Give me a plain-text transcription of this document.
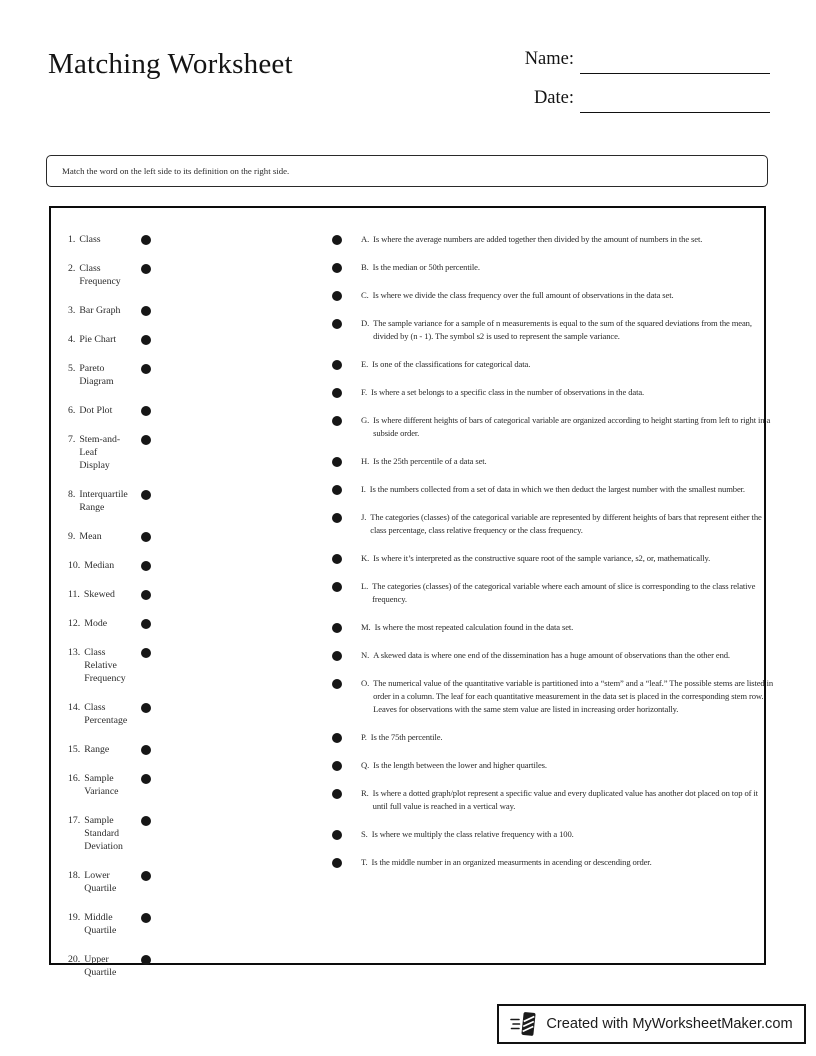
Matching Worksheet	Name:
Date:
Match the word on the left side to its definition on the right side.
1. Class
2. Class Frequency
3. Bar Graph
4. Pie Chart
5. Pareto Diagram
6. Dot Plot
7. Stem-and-Leaf Display
8. Interquartile Range
9. Mean
10. Median
11. Skewed
12. Mode
13. Class Relative Frequency
14. Class Percentage
15. Range
16. Sample Variance
17. Sample Standard Deviation
18. Lower Quartile
19. Middle Quartile
20. Upper Quartile
A. Is where the average numbers are added together then divided by the amount of numbers in the set.
B. Is the median or 50th percentile.
C. Is where we divide the class frequency over the full amount of observations in the data set.
D. The sample variance for a sample of n measurements is equal to the sum of the squared deviations from the mean, divided by (n - 1). The symbol s2 is used to represent the sample variance.
E. Is one of the classifications for categorical data.
F. Is where a set belongs to a specific class in the number of observations in the data.
G. Is where different heights of bars of categorical variable are organized according to height starting from left to right in a subside order.
H. Is the 25th percentile of a data set.
I. Is the numbers collected from a set of data in which we then deduct the largest number with the smallest number.
J. The categories (classes) of the categorical variable are represented by different heights of bars that represent either the class percentage, class relative frequency or the class frequency.
K. Is where it’s interpreted as the constructive square root of the sample variance, s2, or, mathematically.
L. The categories (classes) of the categorical variable where each amount of slice is corresponding to the class relative frequency.
M. Is where the most repeated calculation found in the data set.
N. A skewed data is where one end of the dissemination has a huge amount of observations than the other end.
O. The numerical value of the quantitative variable is partitioned into a “stem” and a “leaf.” The possible stems are listed in order in a column. The leaf for each quantitative measurement in the data set is placed in the corresponding stem row. Leaves for observations with the same stem value are listed in increasing order horizontally.
P. Is the 75th percentile.
Q. Is the length between the lower and higher quartiles.
R. Is where a dotted graph/plot represent a specific value and every duplicated value has another dot placed on top of it until full value is reached in a vertical way.
S. Is where we multiply the class relative frequency with a 100.
T. Is the middle number in an organized measurments in acending or descending order.
Created with MyWorksheetMaker.com
